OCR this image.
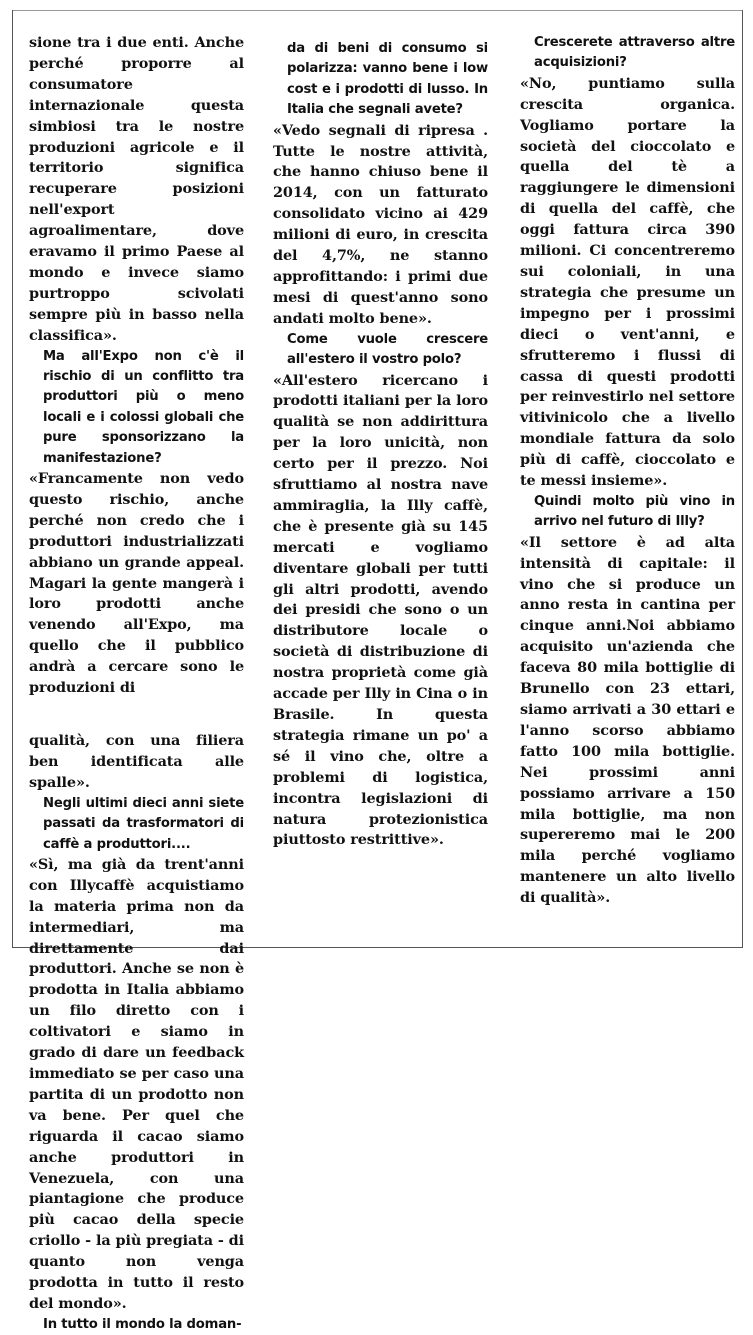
sione tra i due enti. Anche perché proporre al consumatore internazionale questa simbiosi tra le nostre produzioni agricole e il territorio significa recuperare posizioni nell'export agroalimentare, dove eravamo il primo Paese al mondo e invece siamo purtroppo scivolati sempre più in basso nella classifica».

Ma all'Expo non c'è il rischio di un conflitto tra produttori più o meno locali e i colossi globali che pure sponsorizzano la manifestazione?

«Francamente non vedo questo rischio, anche perché non credo che i produttori industrializzati abbiano un grande appeal. Magari la gente mangerà i loro prodotti anche venendo all'Expo, ma quello che il pubblico andrà a cercare sono le produzioni di

qualità, con una filiera ben identificata alle spalle».

Negli ultimi dieci anni siete passati da trasformatori di caffè a produttori....

«Sì, ma già da trent'anni con Illycaffè acquistiamo la materia prima non da intermediari, ma direttamente dai produttori. Anche se non è prodotta in Italia abbiamo un filo diretto con i coltivatori e siamo in grado di dare un feedback immediato se per caso una partita di un prodotto non va bene. Per quel che riguarda il cacao siamo anche produttori in Venezuela, con una piantagione che produce più cacao della specie criollo - la più pregiata - di quanto non venga prodotta in tutto il resto del mondo».

In tutto il mondo la doman-

da di beni di consumo si polarizza: vanno bene i low cost e i prodotti di lusso. In Italia che segnali avete?

«Vedo segnali di ripresa . Tutte le nostre attività, che hanno chiuso bene il 2014, con un fatturato consolidato vicino ai 429 milioni di euro, in crescita del 4,7%, ne stanno approfittando: i primi due mesi di quest'anno sono andati molto bene».

Come vuole crescere all'estero il vostro polo?

«All'estero ricercano i prodotti italiani per la loro qualità se non addirittura per la loro unicità, non certo per il prezzo. Noi sfruttiamo al nostra nave ammiraglia, la Illy caffè, che è presente già su 145 mercati e vogliamo diventare globali per tutti gli altri prodotti, avendo dei presidi che sono o un distributore locale o società di distribuzione di nostra proprietà come già accade per Illy in Cina o in Brasile. In questa strategia rimane un po' a sé il vino che, oltre a problemi di logistica, incontra legislazioni di natura protezionistica piuttosto restrittive».

Crescerete attraverso altre acquisizioni?

«No, puntiamo sulla crescita organica. Vogliamo portare la società del cioccolato e quella del tè a raggiungere le dimensioni di quella del caffè, che oggi fattura circa 390 milioni. Ci concentreremo sui coloniali, in una strategia che presume un impegno per i prossimi dieci o vent'anni, e sfrutteremo i flussi di cassa di questi prodotti per reinvestirlo nel settore vitivinicolo che a livello mondiale fattura da solo più di caffè, cioccolato e te messi insieme».

Quindi molto più vino in arrivo nel futuro di Illy?

«Il settore è ad alta intensità di capitale: il vino che si produce un anno resta in cantina per cinque anni.Noi abbiamo acquisito un'azienda che faceva 80 mila bottiglie di Brunello con 23 ettari, siamo arrivati a 30 ettari e l'anno scorso abbiamo fatto 100 mila bottiglie. Nei prossimi anni possiamo arrivare a 150 mila bottiglie, ma non supereremo mai le 200 mila perché vogliamo mantenere un alto livello di qualità».
